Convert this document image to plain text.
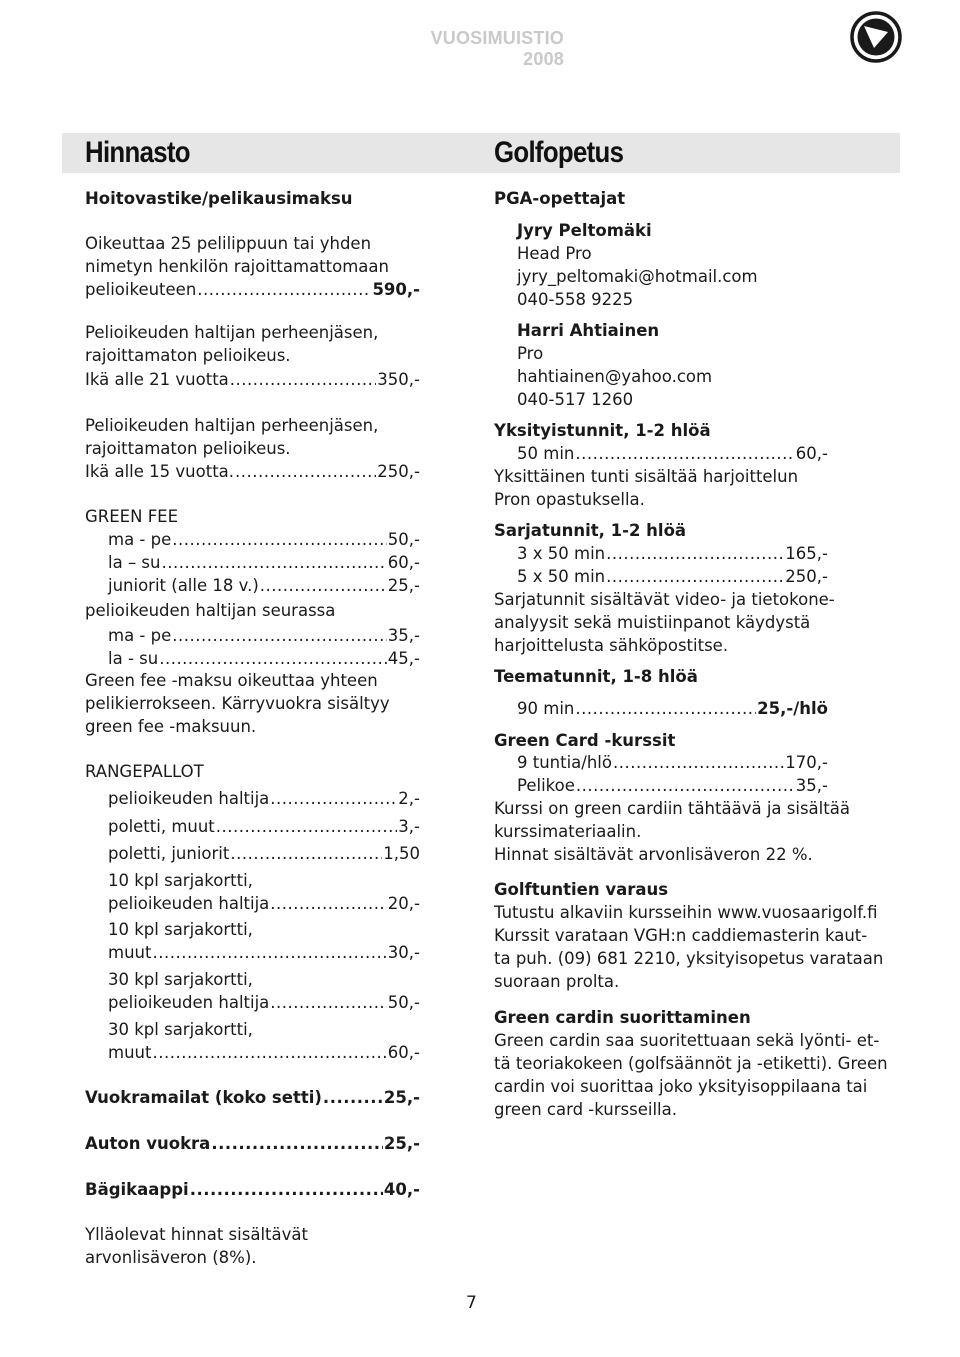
VUOSIMUISTIO 2008
Hinnasto	Golfopetus
Hoitovastike/pelikausimaksu
Oikeuttaa 25 pelilippuun tai yhden
nimetyn henkilön rajoittamattomaan
pelioikeuteen .....	590,-
Pelioikeuden haltijan perheenjäsen,
rajoittamaton pelioikeus.
Ikä alle 21 vuotta .....	350,-
Pelioikeuden haltijan perheenjäsen,
rajoittamaton pelioikeus.
Ikä alle 15 vuotta. .....	250,-
GREEN FEE
ma - pe .....	50,-
la – su .....	60,-
juniorit (alle 18 v.) .....	25,-
pelioikeuden haltijan seurassa
ma - pe .....	35,-
la - su .....	45,-
Green fee -maksu oikeuttaa yhteen
pelikierrokseen. Kärryvuokra sisältyy
green fee -maksuun.
RANGEPALLOT
pelioikeuden haltija .....	2,-
poletti, muut .....	3,-
poletti, juniorit .....	1,50
10 kpl sarjakortti,
pelioikeuden haltija .....	20,-
10 kpl sarjakortti,
muut .....	30,-
30 kpl sarjakortti,
pelioikeuden haltija .....	50,-
30 kpl sarjakortti,
muut .....	60,-
Vuokramailat (koko setti) .....	25,-
Auton vuokra .....	25,-
Bägikaappi .....	40,-
Ylläolevat hinnat sisältävät
arvonlisäveron (8%).
PGA-opettajat
Jyry Peltomäki
Head Pro
jyry_peltomaki@hotmail.com
040-558 9225
Harri Ahtiainen
Pro
hahtiainen@yahoo.com
040-517 1260
Yksityistunnit, 1-2 hlöä
50 min .....	60,-
Yksittäinen tunti sisältää harjoittelun
Pron opastuksella.
Sarjatunnit, 1-2 hlöä
3 x 50 min .....	165,-
5 x 50 min .....	250,-
Sarjatunnit sisältävät video- ja tietokone-
analyysit sekä muistiinpanot käydystä
harjoittelusta sähköpostitse.
Teematunnit, 1-8 hlöä
90 min .....	25,-/hlö
Green Card -kurssit
9 tuntia/hlö .....	170,-
Pelikoe .....	35,-
Kurssi on green cardiin tähtäävä ja sisältää
kurssimateriaalin.
Hinnat sisältävät arvonlisäveron 22 %.
Golftuntien varaus
Tutustu alkaviin kursseihin www.vuosaarigolf.fi
Kurssit varataan VGH:n caddiemasterin kaut-
ta puh. (09) 681 2210, yksityisopetus varataan
suoraan prolta.
Green cardin suorittaminen
Green cardin saa suoritettuaan sekä lyönti- et-
tä teoriakokeen (golfsäännöt ja -etiketti). Green
cardin voi suorittaa joko yksityisoppilaana tai
green card -kursseilla.
7
